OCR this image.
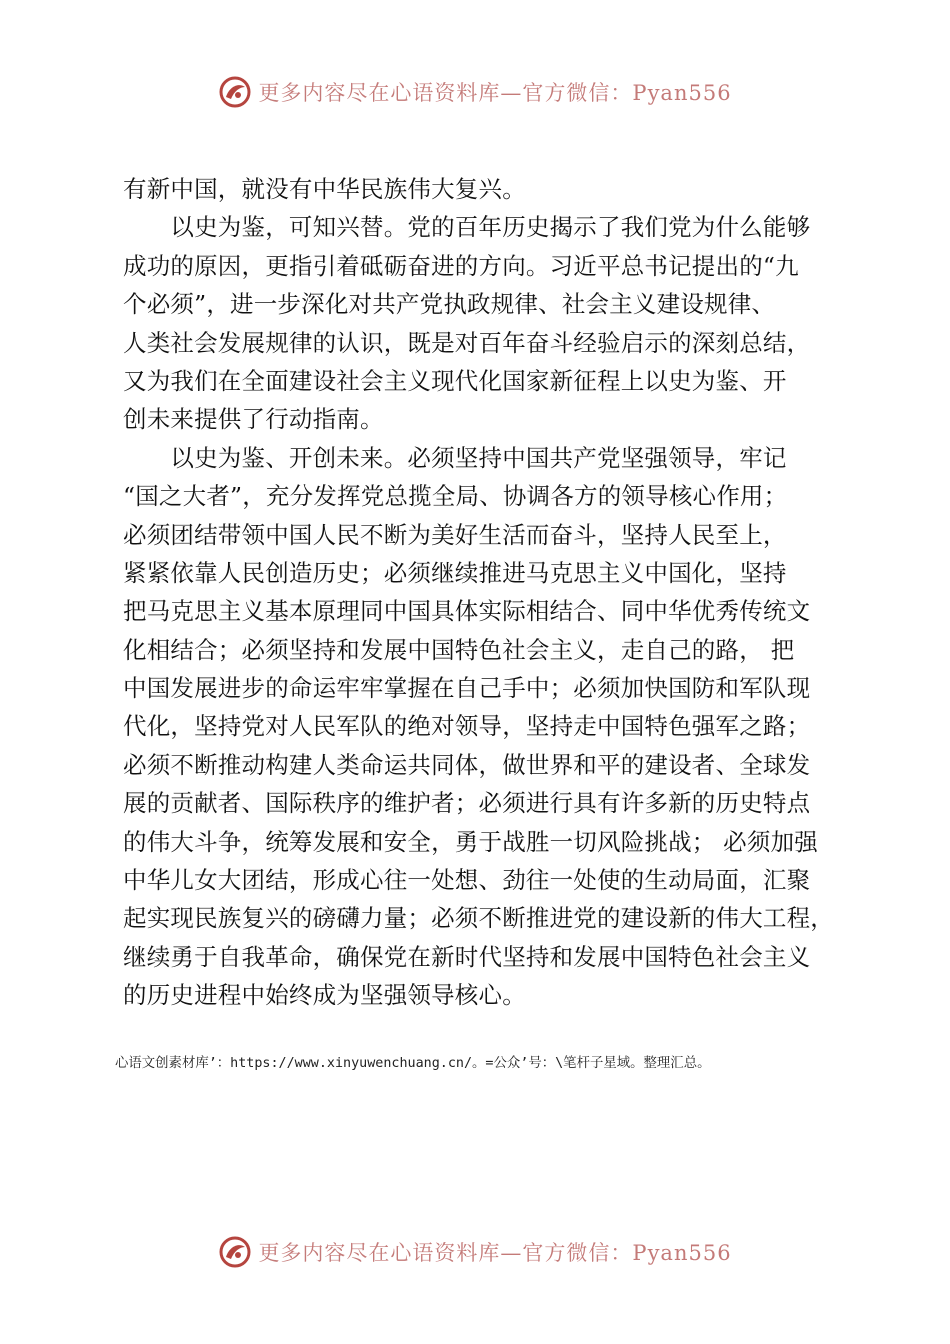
更多内容尽在心语资料库—官方微信：Pyan556
有新中国，就没有中华民族伟大复兴。
　　以史为鉴，可知兴替。党的百年历史揭示了我们党为什么能够
成功的原因，更指引着砥砺奋进的方向。习近平总书记提出的“九
个必须”，进一步深化对共产党执政规律、社会主义建设规律、
人类社会发展规律的认识，既是对百年奋斗经验启示的深刻总结，
又为我们在全面建设社会主义现代化国家新征程上以史为鉴、开
创未来提供了行动指南。
　　以史为鉴、开创未来。必须坚持中国共产党坚强领导，牢记
“国之大者”，充分发挥党总揽全局、协调各方的领导核心作用；
必须团结带领中国人民不断为美好生活而奋斗，坚持人民至上，
紧紧依靠人民创造历史；必须继续推进马克思主义中国化，坚持
把马克思主义基本原理同中国具体实际相结合、同中华优秀传统文
化相结合；必须坚持和发展中国特色社会主义，走自己的路， 把
中国发展进步的命运牢牢掌握在自己手中；必须加快国防和军队现
代化，坚持党对人民军队的绝对领导，坚持走中国特色强军之路；
必须不断推动构建人类命运共同体，做世界和平的建设者、全球发
展的贡献者、国际秩序的维护者；必须进行具有许多新的历史特点
的伟大斗争，统筹发展和安全，勇于战胜一切风险挑战； 必须加强
中华儿女大团结，形成心往一处想、劲往一处使的生动局面，汇聚
起实现民族复兴的磅礴力量；必须不断推进党的建设新的伟大工程，
继续勇于自我革命，确保党在新时代坚持和发展中国特色社会主义
的历史进程中始终成为坚强领导核心。
心语文创素材库’：https://www.xinyuwenchuang.cn/。=公众’号：\笔杆子星域。整理汇总。
更多内容尽在心语资料库—官方微信：Pyan556
